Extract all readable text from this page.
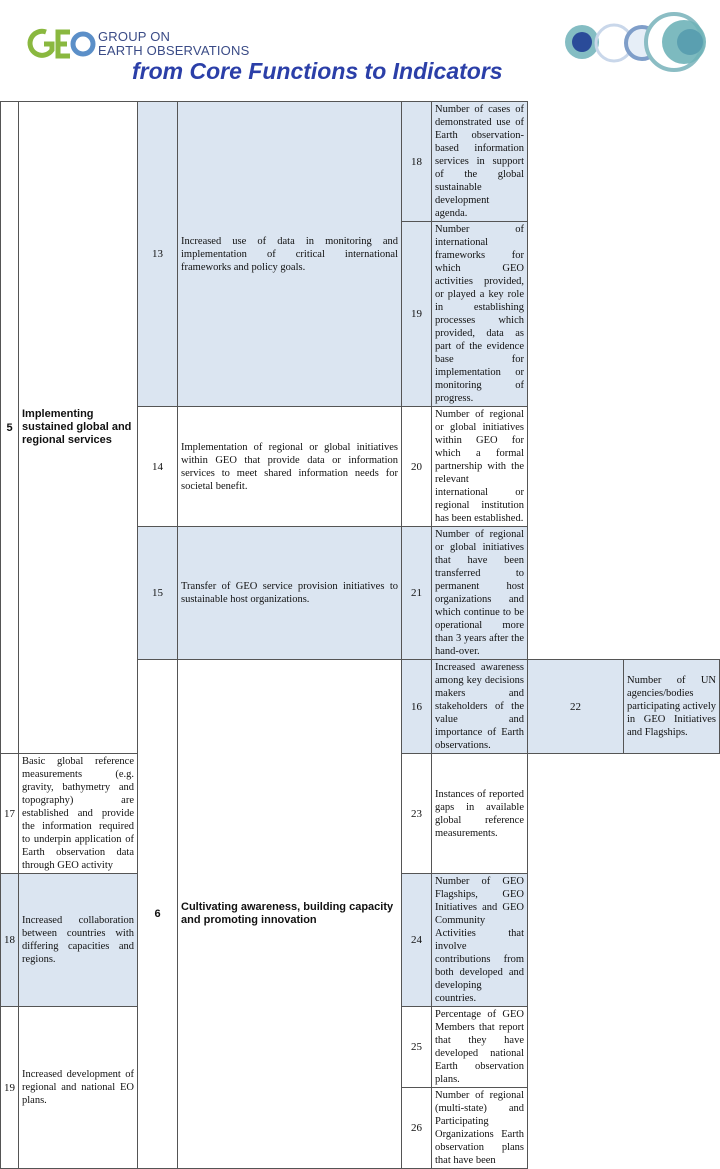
GROUP ON
EARTH OBSERVATIONS
from Core Functions to Indicators
5	Implementing sustained global and regional services	13	Increased use of data in monitoring and implementation of critical international frameworks and policy goals.	18	Number of cases of demonstrated use of Earth observation-based information services in support of the global sustainable development agenda.		
				19	Number of international frameworks for which GEO activities provided, or played a key role in establishing processes which provided, data as part of the evidence base for implementation or monitoring of progress.		
		14	Implementation of regional or global initiatives within GEO that provide data or information services to meet shared information needs for societal benefit.	20	Number of regional or global initiatives within GEO for which a formal partnership with the relevant international or regional institution has been established.		
		15	Transfer of GEO service provision initiatives to sustainable host organizations.	21	Number of regional or global initiatives that have been transferred to permanent host organizations and which continue to be operational more than 3 years after the hand-over.		
		6	Cultivating awareness, building capacity and promoting innovation	16	Increased awareness among key decisions makers and stakeholders of the value and importance of Earth observations.	22	Number of UN agencies/bodies participating actively in GEO Initiatives and Flagships.
17	Basic global reference measurements (e.g. gravity, bathymetry and topography) are established and provide the information required to underpin application of Earth observation data through GEO activity			23	Instances of reported gaps in available global reference measurements.		
18	Increased collaboration between countries with differing capacities and regions.			24	Number of GEO Flagships, GEO Initiatives and GEO Community Activities that involve contributions from both developed and developing countries.		
19	Increased development of regional and national EO plans.			25	Percentage of GEO Members that report that they have developed national Earth observation plans.		
				26	Number of regional (multi-state) and Participating Organizations Earth observation plans that have been		
